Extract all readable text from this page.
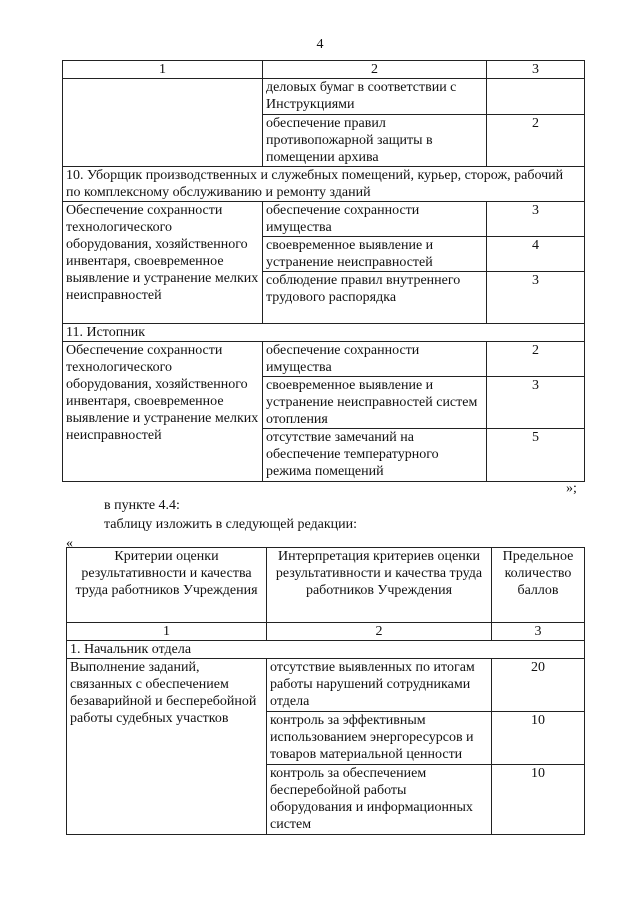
4
1	2	3
	деловых бумаг в соответствии с Инструкциями	
	обеспечение правил противопожарной защиты в помещении архива	2
10. Уборщик производственных и служебных помещений, курьер, сторож, рабочий по комплексному обслуживанию и ремонту зданий		
Обеспечение сохранности технологического оборудования, хозяйственного инвентаря, своевременное выявление и устранение мелких неисправностей	обеспечение сохранности имущества	3
	своевременное выявление и устранение неисправностей	4
	соблюдение правил внутреннего трудового распорядка	3
11. Истопник		
Обеспечение сохранности технологического оборудования, хозяйственного инвентаря, своевременное выявление и устранение мелких неисправностей	обеспечение сохранности имущества	2
	своевременное выявление и устранение неисправностей систем отопления	3
	отсутствие замечаний на обеспечение температурного режима помещений	5
»;
в пункте 4.4:
таблицу изложить в следующей редакции:
«
Критерии оценки результативности и качества труда работников Учреждения	Интерпретация критериев оценки результативности и качества труда работников Учреждения	Предельное количество баллов
1	2	3
1. Начальник отдела		
Выполнение заданий, связанных с обеспечением безаварийной и бесперебойной работы судебных участков	отсутствие выявленных по итогам работы нарушений сотрудниками отдела	20
	контроль за эффективным использованием энергоресурсов и товаров материальной ценности	10
	контроль за обеспечением бесперебойной работы оборудования и информационных систем	10
